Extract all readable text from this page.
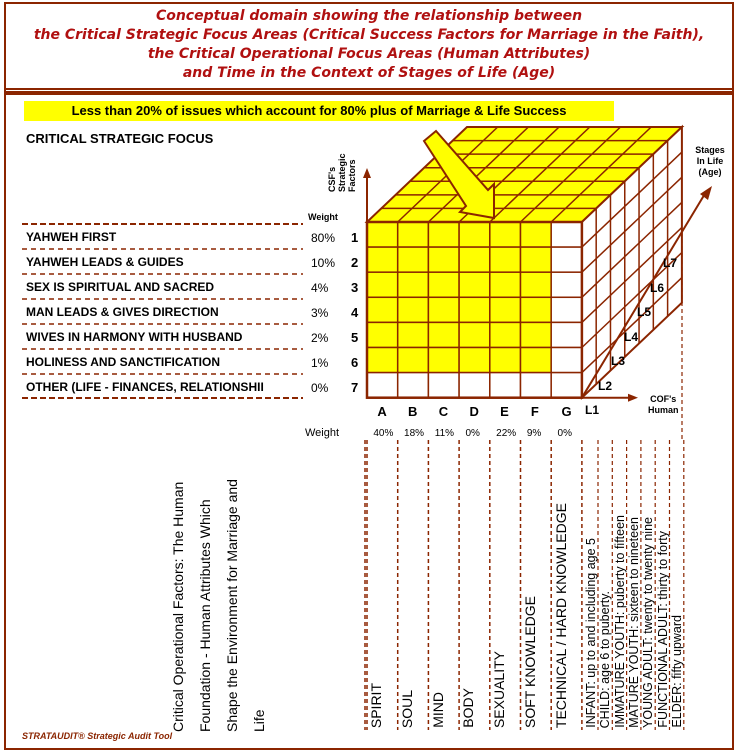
Conceptual domain showing the relationship between
the Critical Strategic Focus Areas (Critical Success Factors for Marriage in the Faith),
the Critical Operational Focus Areas (Human Attributes)
and Time in the Context of Stages of Life (Age)
Less than 20% of issues which account for 80% plus of Marriage & Life Success
CRITICAL STRATEGIC FOCUS
YAHWEH FIRST	80% 1
YAHWEH LEADS & GUIDES	10% 2
SEX IS SPIRITUAL AND SACRED	4% 3
MAN LEADS & GIVES DIRECTION	3% 4
WIVES IN HARMONY WITH HUSBAND	2% 5
HOLINESS AND SANCTIFICATION	1% 6
OTHER (LIFE - FINANCES, RELATIONSHII	0% 7
Weight
CSF's
Strategic
Factors
COF's
Human
Stages
In Life
(Age)
L1
L2
L3
L4
L5
L6
L7
A
40%
B
18%
C
11%
D
0%
E
22%
F
9%
G
0%
Weight
SPIRIT SOUL MIND BODY SEXUALITY SOFT KNOWLEDGE TECHNICAL / HARD KNOWLEDGE	INFANT: up to and including age 5 CHILD: age 6 to puberty. IMMATURE YOUTH: puberty to fifteen MATURE YOUTH: sixteen to nineteen YOUNG ADULT: twenty to twenty nine FUNCTIONAL ADULT: thirty to forty ELDER: fifty upward
Critical Operational Factors: The Human Foundation - Human Attributes Which Shape the Environment for Marriage and Life
STRATAUDIT® Strategic Audit Tool
